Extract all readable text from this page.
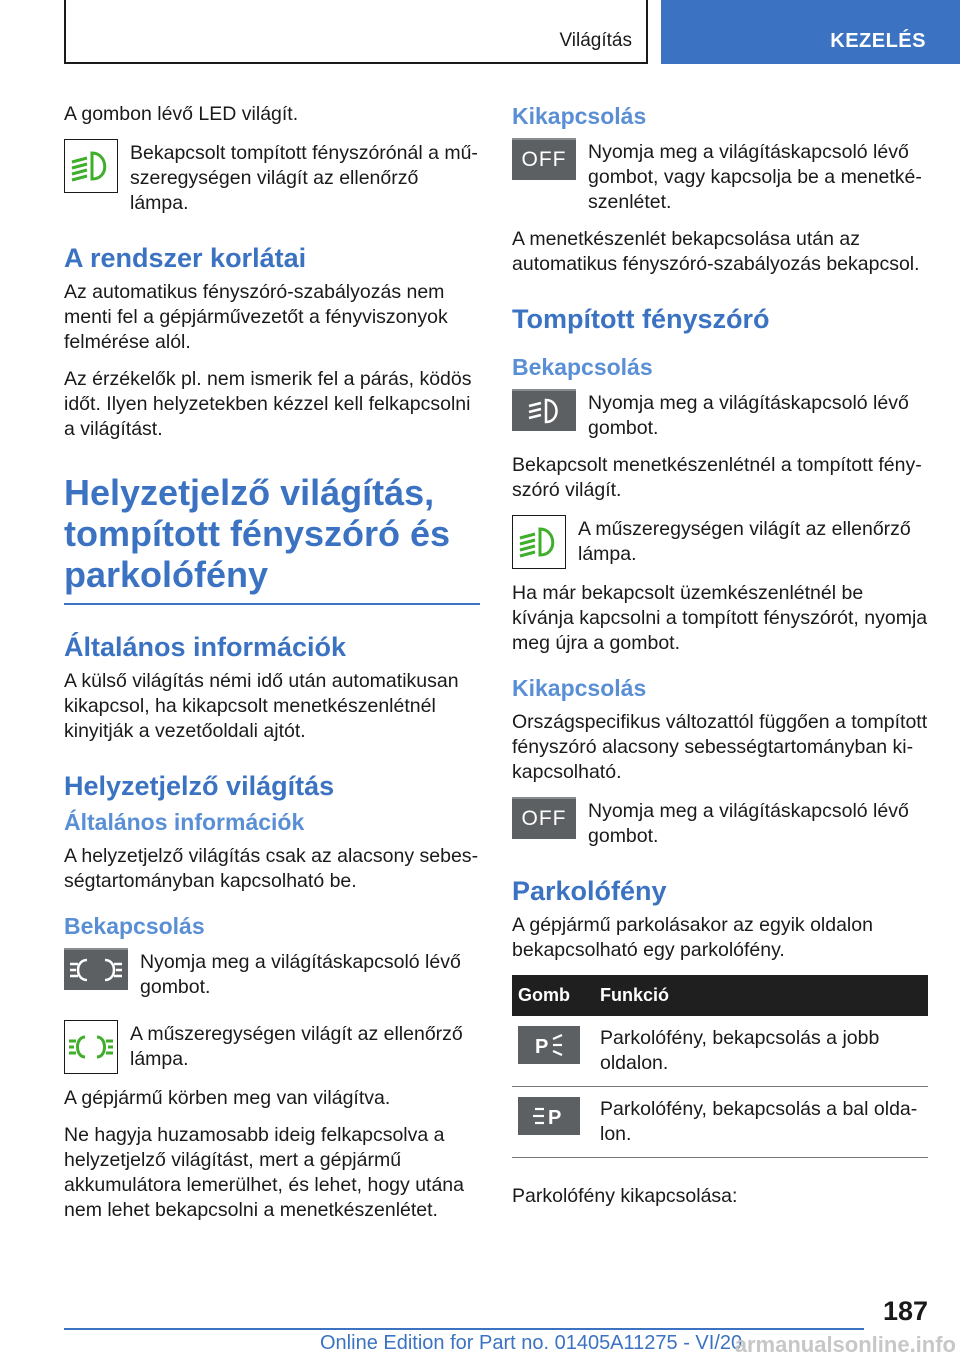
Világítás	KEZELÉS

A gombon lévő LED világít.

Bekapcsolt tompított fényszórónál a műszeregységen világít az ellenőrző lámpa.

A rendszer korlátai

Az automatikus fényszóró-szabályozás nem menti fel a gépjárművezetőt a fényviszonyok felmérése alól.

Az érzékelők pl. nem ismerik fel a párás, ködös időt. Ilyen helyzetekben kézzel kell felkapcsolni a világítást.

Helyzetjelző világítás, tompított fényszóró és parkolófény
Általános információk

A külső világítás némi idő után automatikusan kikapcsol, ha kikapcsolt menetkészenlétnél kinyitják a vezetőoldali ajtót.

Helyzetjelző világítás
Általános információk

A helyzetjelző világítás csak az alacsony sebességtartományban kapcsolható be.

Bekapcsolás

Nyomja meg a világításkapcsoló lévő gombot.

A műszeregységen világít az ellenőrző lámpa.

A gépjármű körben meg van világítva.

Ne hagyja huzamosabb ideig felkapcsolva a helyzetjelző világítást, mert a gépjármű akkumulátora lemerülhet, és lehet, hogy utána nem lehet bekapcsolni a menetkészenlétet.

Kikapcsolás
OFF Nyomja meg a világításkapcsoló lévő gombot, vagy kapcsolja be a menetkészenlétet.

A menetkészenlét bekapcsolása után az automatikus fényszóró-szabályozás bekapcsol.

Tompított fényszóró
Bekapcsolás

Nyomja meg a világításkapcsoló lévő gombot.

Bekapcsolt menetkészenlétnél a tompított fényszóró világít.

A műszeregységen világít az ellenőrző lámpa.

Ha már bekapcsolt üzemkészenlétnél be kívánja kapcsolni a tompított fényszórót, nyomja meg újra a gombot.

Kikapcsolás

Országspecifikus változattól függően a tompított fényszóró alacsony sebességtartományban kikapcsolható.

OFF Nyomja meg a világításkapcsoló lévő gombot.

Parkolófény

A gépjármű parkolásakor az egyik oldalon bekapcsolható egy parkolófény.

Gomb	Funkció

P	Parkolófény, bekapcsolás a jobb oldalon.

P	Parkolófény, bekapcsolás a bal oldalon.

Parkolófény kikapcsolása:

187
Online Edition for Part no. 01405A11275 - VI/20
armanualsonline.info
